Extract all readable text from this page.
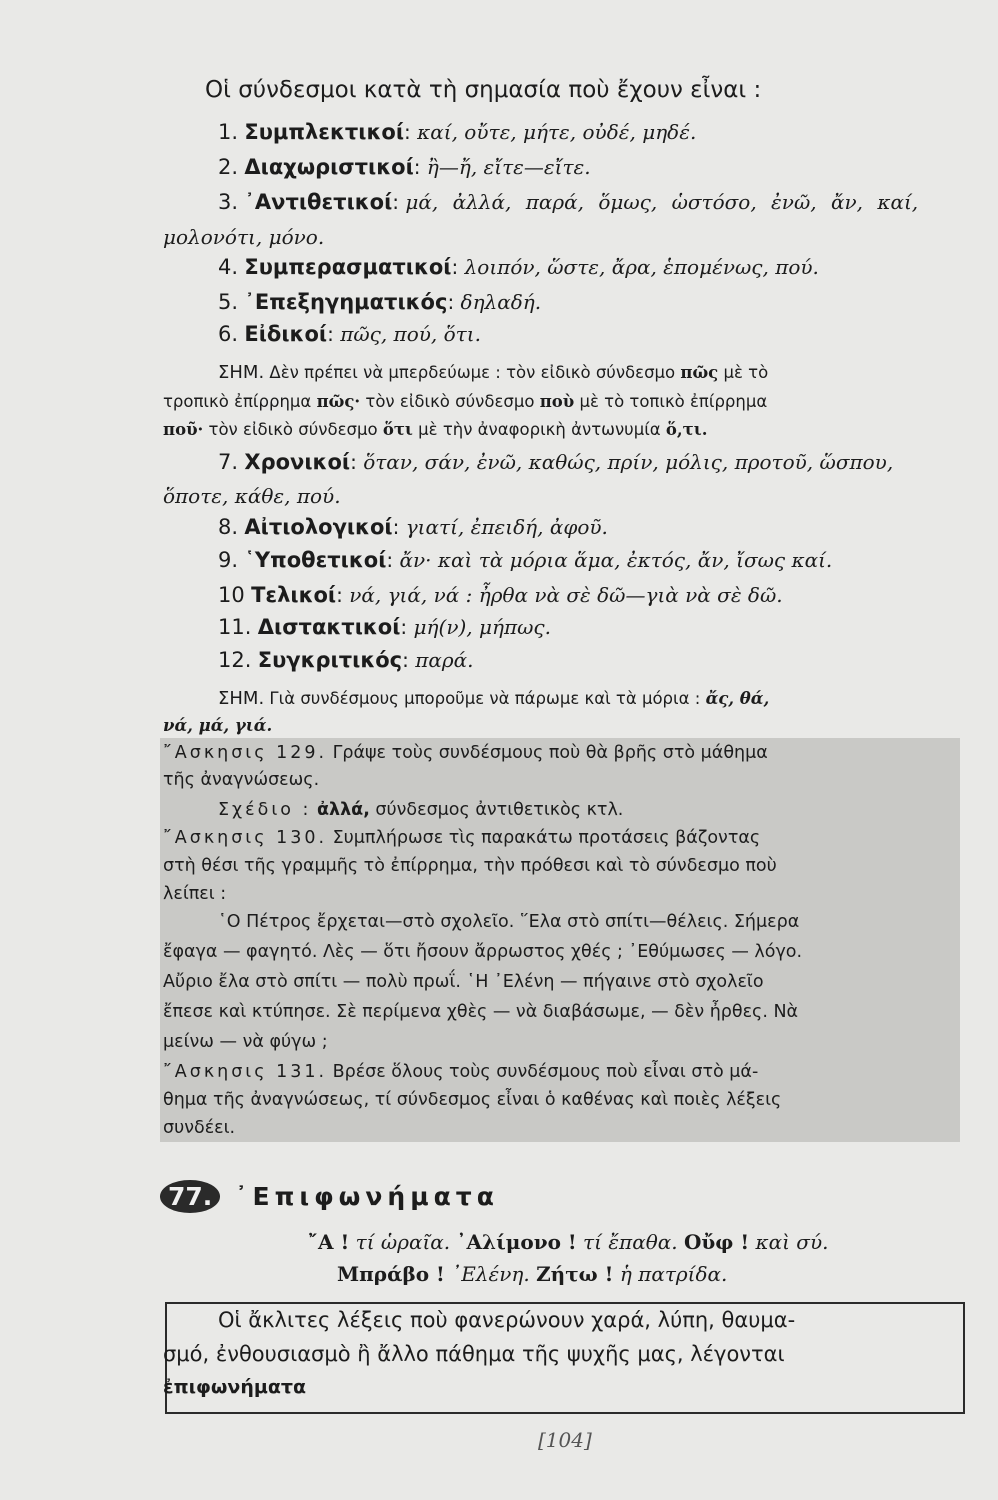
Οἱ σύνδεσμοι κατὰ τὴ σημασία ποὺ ἔχουν εἶναι :
1. Συμπλεκτικοί: καί, οὔτε, μήτε, οὐδέ, μηδέ.
2. Διαχωριστικοί: ἢ—ἤ, εἴτε—εἴτε.
3. ᾿Αντιθετικοί: μά, ἀλλά, παρά, ὅμως, ὡστόσο, ἐνῶ, ἄν, καί,
μολονότι, μόνο.
4. Συμπερασματικοί: λοιπόν, ὥστε, ἄρα, ἑπομένως, πού.
5. ᾿Επεξηγηματικός: δηλαδή.
6. Εἰδικοί: πῶς, πού, ὅτι.
ΣΗΜ. Δὲν πρέπει νὰ μπερδεύωμε : τὸν εἰδικὸ σύνδεσμο πῶς μὲ τὸ
τροπικὸ ἐπίρρημα πῶς· τὸν εἰδικὸ σύνδεσμο ποὺ μὲ τὸ τοπικὸ ἐπίρρημα
ποῦ· τὸν εἰδικὸ σύνδεσμο ὅτι μὲ τὴν ἀναφορικὴ ἀντωνυμία ὅ,τι.
7. Χρονικοί: ὅταν, σάν, ἐνῶ, καθώς, πρίν, μόλις, προτοῦ, ὥσπου,
ὅποτε, κάθε, πού.
8. Αἰτιολογικοί: γιατί, ἐπειδή, ἀφοῦ.
9. ῾Υποθετικοί: ἄν· καὶ τὰ μόρια ἅμα, ἐκτός, ἄν, ἴσως καί.
10 Τελικοί: νά, γιά, νά : ἦρθα νὰ σὲ δῶ—γιὰ νὰ σὲ δῶ.
11. Διστακτικοί: μή(ν), μήπως.
12. Συγκριτικός: παρά.
ΣΗΜ. Γιὰ συνδέσμους μποροῦμε νὰ πάρωμε καὶ τὰ μόρια : ἄς, θά,
νά, μά, γιά.
῎Ασκησις 129. Γράψε τοὺς συνδέσμους ποὺ θὰ βρῆς στὸ μάθημα
τῆς ἀναγνώσεως.
Σχέδιο : ἀλλά, σύνδεσμος ἀντιθετικὸς κτλ.
῎Ασκησις 130. Συμπλήρωσε τὶς παρακάτω προτάσεις βάζοντας
στὴ θέσι τῆς γραμμῆς τὸ ἐπίρρημα, τὴν πρόθεσι καὶ τὸ σύνδεσμο ποὺ
λείπει :
῾Ο Πέτρος ἔρχεται—στὸ σχολεῖο. ῞Ελα στὸ σπίτι—θέλεις. Σήμερα
ἔφαγα — φαγητό. Λὲς — ὅτι ἤσουν ἄρρωστος χθές ; ᾿Εθύμωσες — λόγο.
Αὔριο ἔλα στὸ σπίτι — πολὺ πρωΐ. ῾Η ᾿Ελένη — πήγαινε στὸ σχολεῖο
ἔπεσε καὶ κτύπησε. Σὲ περίμενα χθὲς — νὰ διαβάσωμε, — δὲν ἦρθες. Νὰ
μείνω — νὰ φύγω ;
῎Ασκησις 131. Βρέσε ὅλους τοὺς συνδέσμους ποὺ εἶναι στὸ μά-
θημα τῆς ἀναγνώσεως, τί σύνδεσμος εἶναι ὁ καθένας καὶ ποιὲς λέξεις
συνδέει.
77. ᾿Επιφωνήματα
῎Α ! τί ὡραῖα. ᾿Αλίμονο ! τί ἔπαθα. Οὔφ ! καὶ σύ.
Μπράβο ! ᾿Ελένη. Ζήτω ! ἡ πατρίδα.
Οἱ ἄκλιτες λέξεις ποὺ φανερώνουν χαρά, λύπη, θαυμα-
σμό, ἐνθουσιασμὸ ἢ ἄλλο πάθημα τῆς ψυχῆς μας, λέγονται
ἐπιφωνήματα
[104]
